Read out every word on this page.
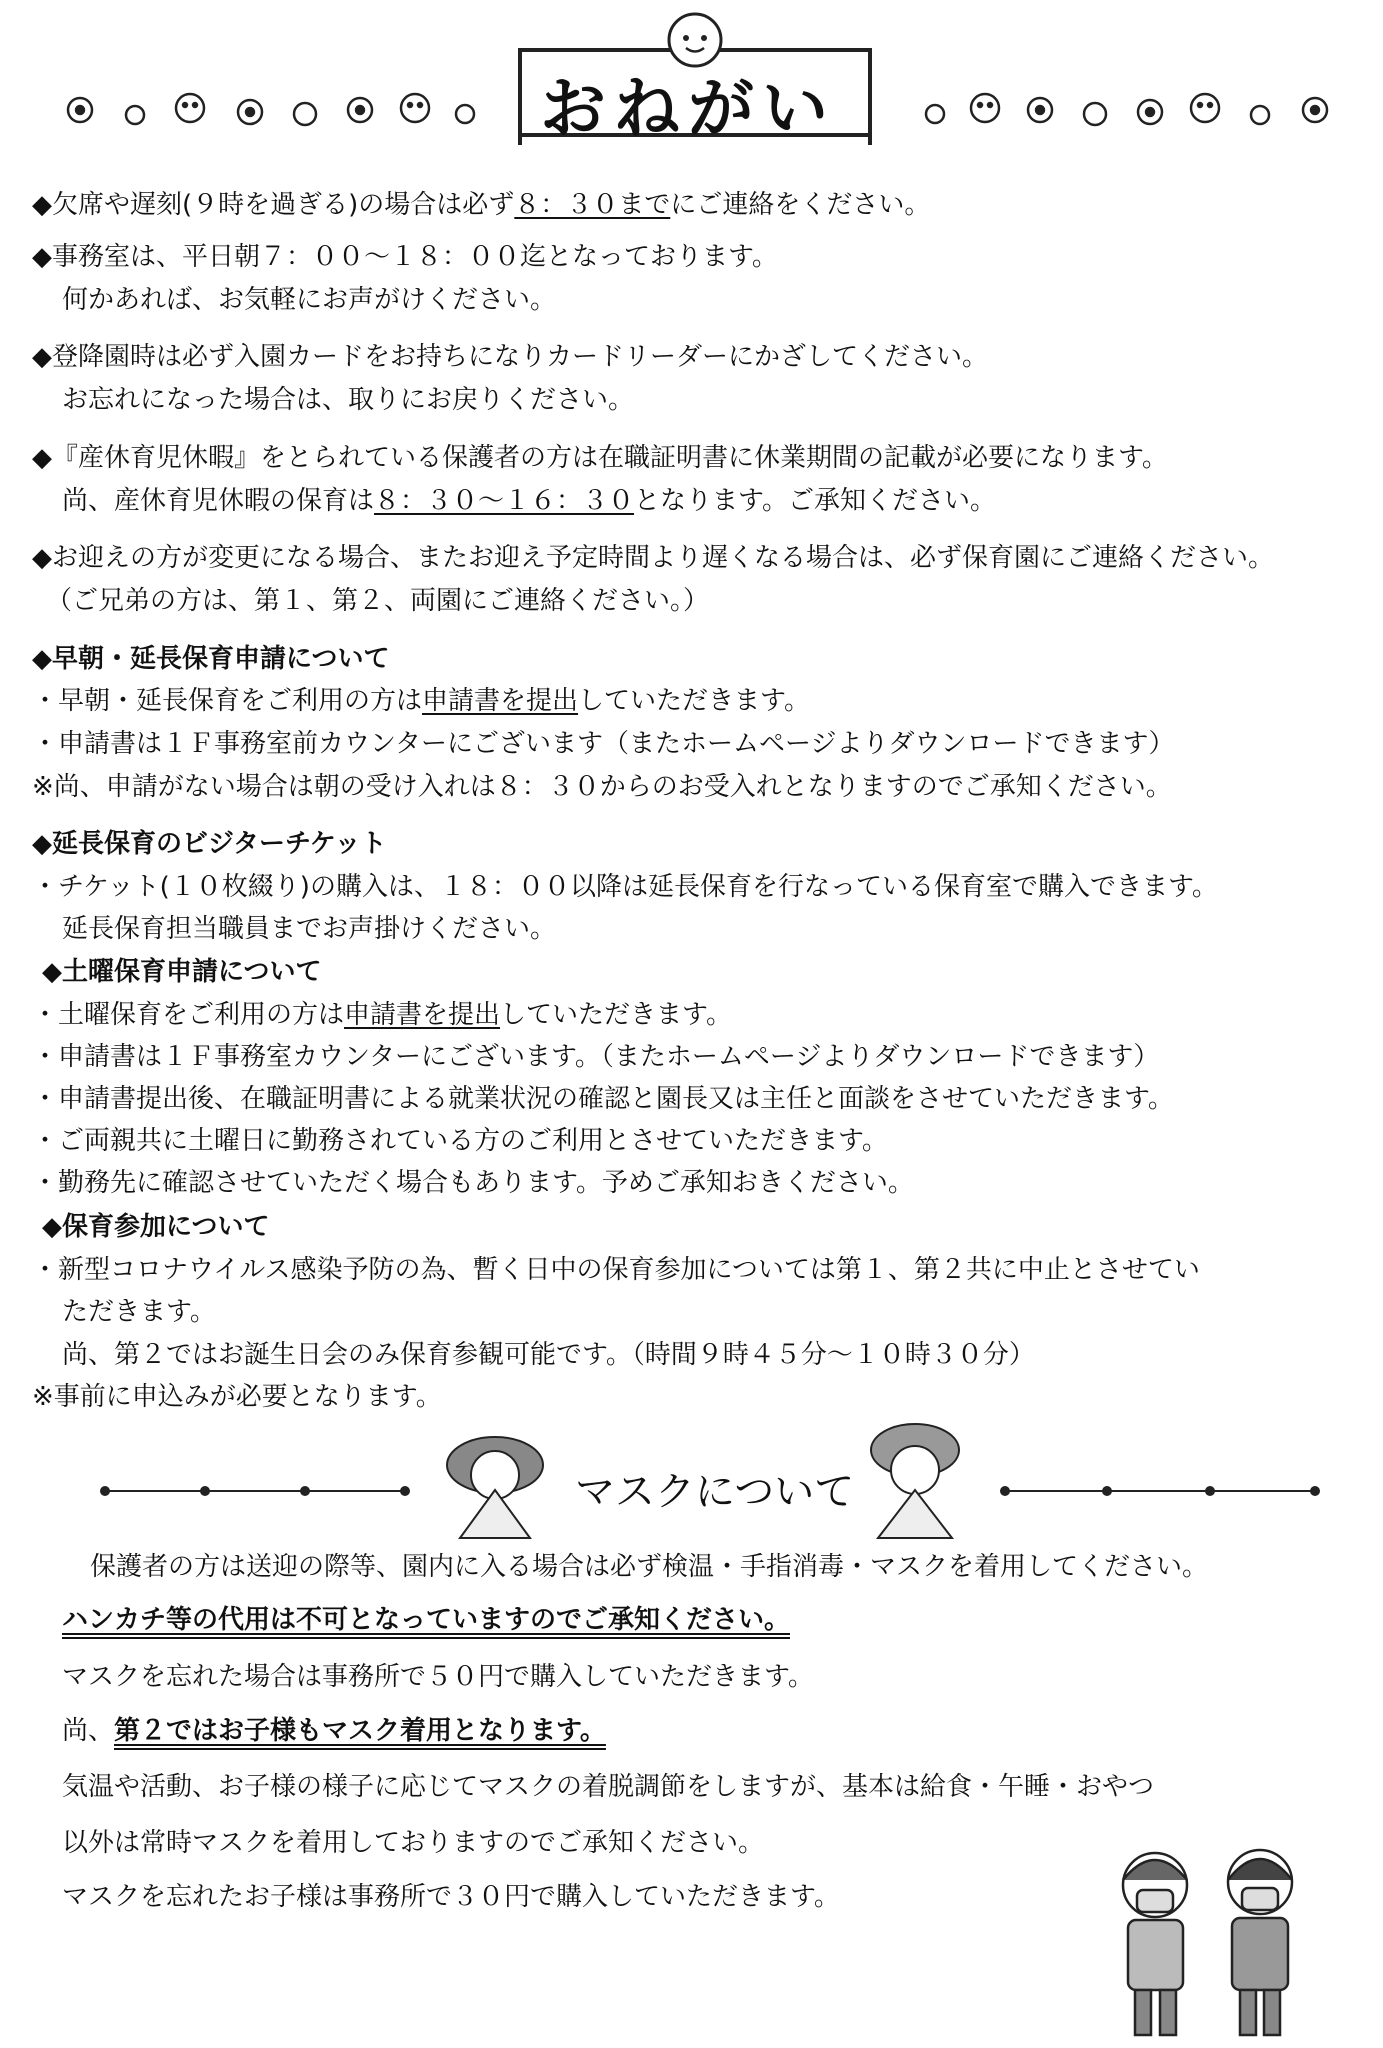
おねがい
◆欠席や遅刻(９時を過ぎる)の場合は必ず８：３０までにご連絡をください。
◆事務室は、平日朝７：００〜１８：００迄となっております。
何かあれば、お気軽にお声がけください。
◆登降園時は必ず入園カードをお持ちになりカードリーダーにかざしてください。
お忘れになった場合は、取りにお戻りください。
◆『産休育児休暇』をとられている保護者の方は在職証明書に休業期間の記載が必要になります。
尚、産休育児休暇の保育は８：３０〜１６：３０となります。ご承知ください。
◆お迎えの方が変更になる場合、またお迎え予定時間より遅くなる場合は、必ず保育園にご連絡ください。
（ご兄弟の方は、第１、第２、両園にご連絡ください。）
◆早朝・延長保育申請について
・早朝・延長保育をご利用の方は申請書を提出していただきます。
・申請書は１Ｆ事務室前カウンターにございます（またホームページよりダウンロードできます）
※尚、申請がない場合は朝の受け入れは８：３０からのお受入れとなりますのでご承知ください。
◆延長保育のビジターチケット
・チケット(１０枚綴り)の購入は、１８：００以降は延長保育を行なっている保育室で購入できます。
延長保育担当職員までお声掛けください。
◆土曜保育申請について
・土曜保育をご利用の方は申請書を提出していただきます。
・申請書は１Ｆ事務室カウンターにございます。（またホームページよりダウンロードできます）
・申請書提出後、在職証明書による就業状況の確認と園長又は主任と面談をさせていただきます。
・ご両親共に土曜日に勤務されている方のご利用とさせていただきます。
・勤務先に確認させていただく場合もあります。予めご承知おきください。
◆保育参加について
・新型コロナウイルス感染予防の為、暫く日中の保育参加については第１、第２共に中止とさせてい
ただきます。
尚、第２ではお誕生日会のみ保育参観可能です。（時間９時４５分〜１０時３０分）
※事前に申込みが必要となります。
マスクについて
保護者の方は送迎の際等、園内に入る場合は必ず検温・手指消毒・マスクを着用してください。
ハンカチ等の代用は不可となっていますのでご承知ください。
マスクを忘れた場合は事務所で５０円で購入していただきます。
尚、第２ではお子様もマスク着用となります。
気温や活動、お子様の様子に応じてマスクの着脱調節をしますが、基本は給食・午睡・おやつ
以外は常時マスクを着用しておりますのでご承知ください。
マスクを忘れたお子様は事務所で３０円で購入していただきます。
